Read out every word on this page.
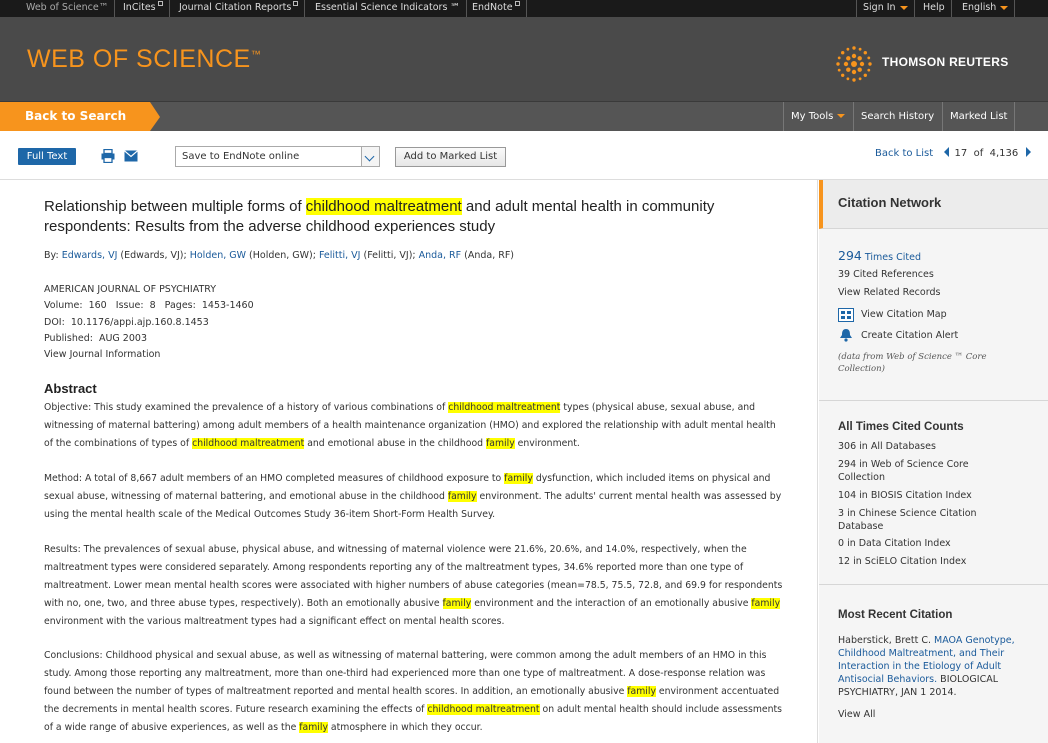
Web of Science™	InCites	Journal Citation Reports	Essential Science Indicators ℠	EndNote	Sign In	Help	English
WEB OF SCIENCE™	THOMSON REUTERS
Back to Search	My Tools	Search History	Marked List
Full Text	Save to EndNote online	Add to Marked List	Back to List 17 of 4,136
Relationship between multiple forms of childhood maltreatment and adult mental health in community respondents: Results from the adverse childhood experiences study
By: Edwards, VJ (Edwards, VJ); Holden, GW (Holden, GW); Felitti, VJ (Felitti, VJ); Anda, RF (Anda, RF)
AMERICAN JOURNAL OF PSYCHIATRY
Volume:  160   Issue:  8   Pages:  1453-1460
DOI:  10.1176/appi.ajp.160.8.1453
Published:  AUG 2003
View Journal Information
Abstract
Objective: This study examined the prevalence of a history of various combinations of childhood maltreatment types (physical abuse, sexual abuse, and witnessing of maternal battering) among adult members of a health maintenance organization (HMO) and explored the relationship with adult mental health of the combinations of types of childhood maltreatment and emotional abuse in the childhood family environment.
Method: A total of 8,667 adult members of an HMO completed measures of childhood exposure to family dysfunction, which included items on physical and sexual abuse, witnessing of maternal battering, and emotional abuse in the childhood family environment. The adults' current mental health was assessed by using the mental health scale of the Medical Outcomes Study 36-item Short-Form Health Survey.
Results: The prevalences of sexual abuse, physical abuse, and witnessing of maternal violence were 21.6%, 20.6%, and 14.0%, respectively, when the maltreatment types were considered separately. Among respondents reporting any of the maltreatment types, 34.6% reported more than one type of maltreatment. Lower mean mental health scores were associated with higher numbers of abuse categories (mean=78.5, 75.5, 72.8, and 69.9 for respondents with no, one, two, and three abuse types, respectively). Both an emotionally abusive family environment and the interaction of an emotionally abusive family environment with the various maltreatment types had a significant effect on mental health scores.
Conclusions: Childhood physical and sexual abuse, as well as witnessing of maternal battering, were common among the adult members of an HMO in this study. Among those reporting any maltreatment, more than one-third had experienced more than one type of maltreatment. A dose-response relation was found between the number of types of maltreatment reported and mental health scores. In addition, an emotionally abusive family environment accentuated the decrements in mental health scores. Future research examining the effects of childhood maltreatment on adult mental health should include assessments of a wide range of abusive experiences, as well as the family atmosphere in which they occur.
Citation Network
294 Times Cited
39 Cited References
View Related Records
View Citation Map
Create Citation Alert
(data from Web of Science ™ Core Collection)
All Times Cited Counts
306 in All Databases
294 in Web of Science Core Collection
104 in BIOSIS Citation Index
3 in Chinese Science Citation Database
0 in Data Citation Index
12 in SciELO Citation Index
Most Recent Citation
Haberstick, Brett C. MAOA Genotype, Childhood Maltreatment, and Their Interaction in the Etiology of Adult Antisocial Behaviors. BIOLOGICAL PSYCHIATRY, JAN 1 2014.
View All
